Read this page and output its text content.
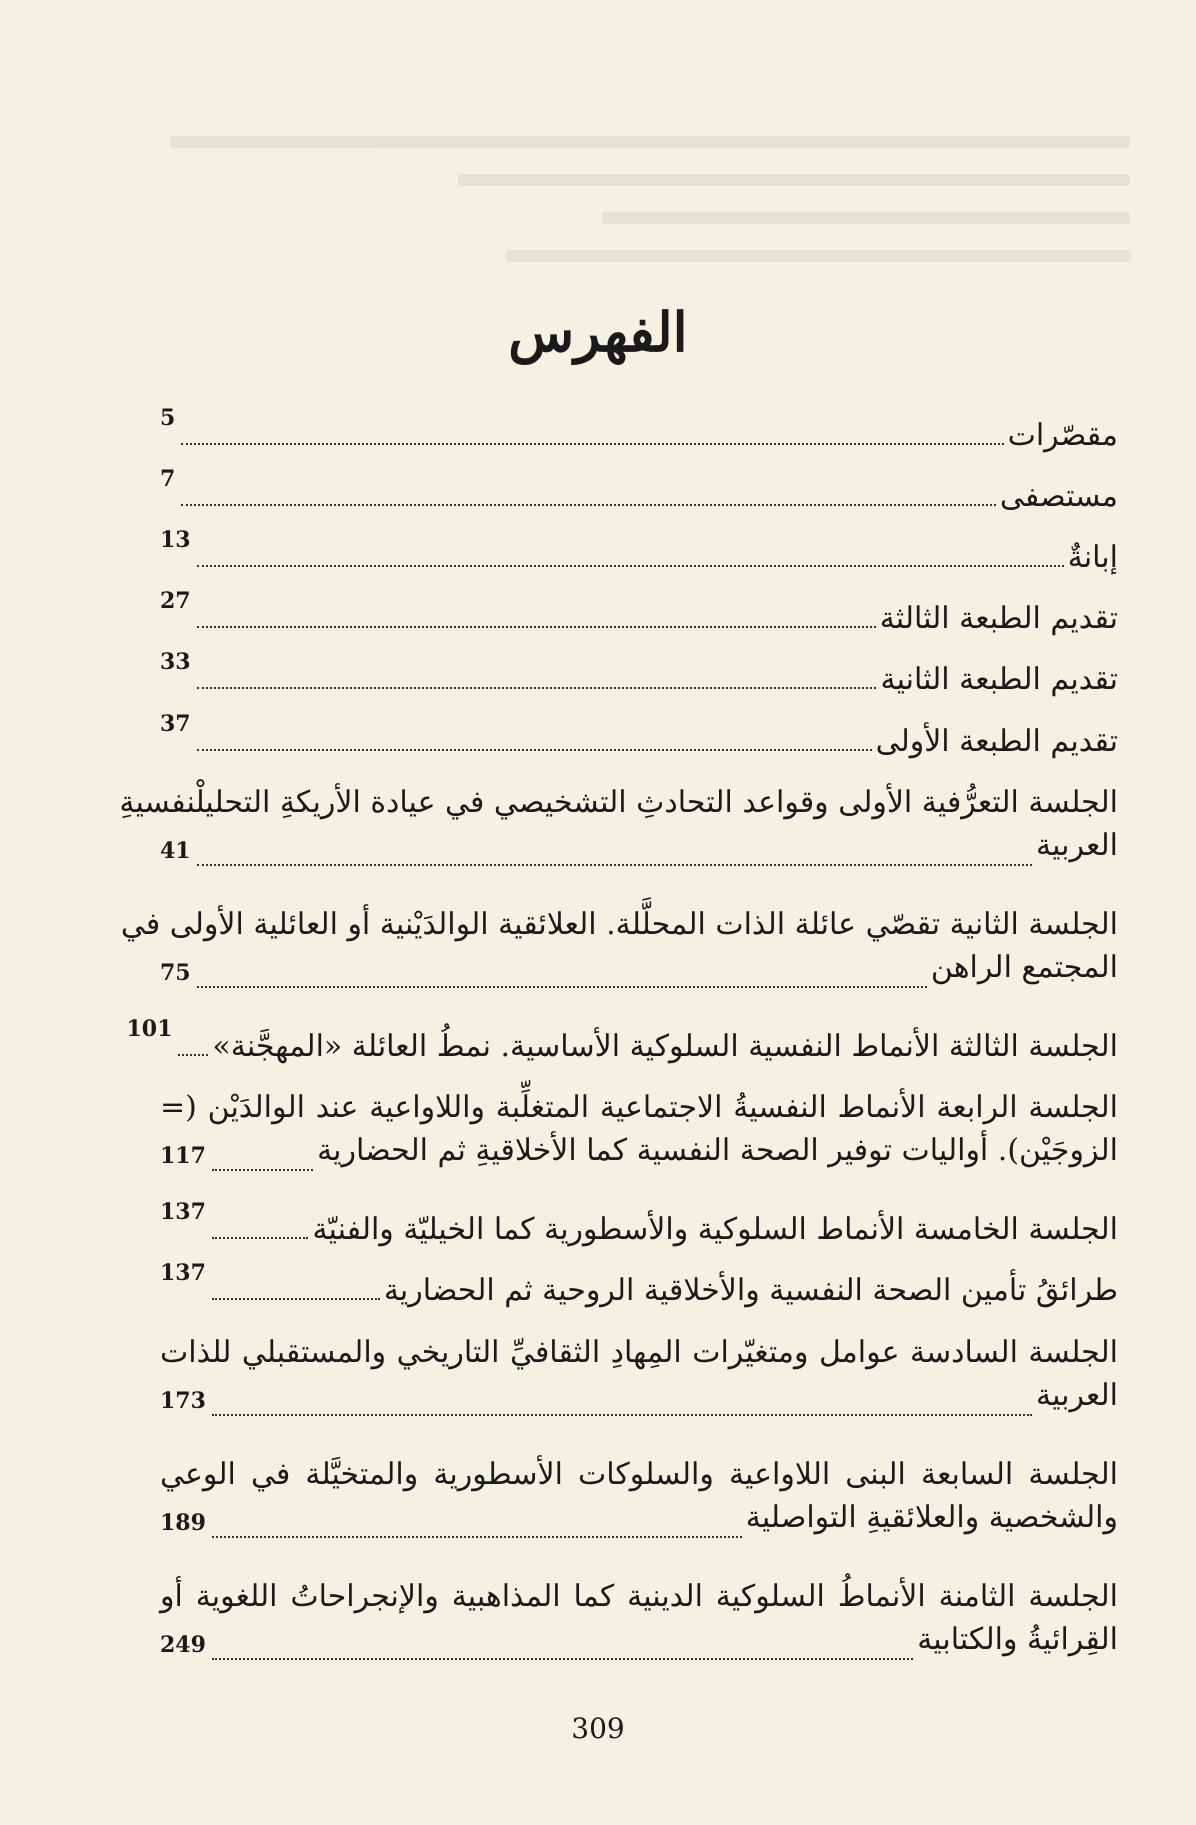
الفهرس
مقصّرات
5
مستصفى
7
إبانةٌ
13
تقديم الطبعة الثالثة
27
تقديم الطبعة الثانية
33
تقديم الطبعة الأولى
37
الجلسة التعرُّفية الأولى وقواعد التحادثِ التشخيصي في عيادة الأريكةِ التحليلْنفسيةِ
العربية
41
الجلسة الثانية تقصّي عائلة الذات المحلَّلة. العلائقية الوالدَيْنية أو العائلية الأولى في
المجتمع الراهن
75
الجلسة الثالثة الأنماط النفسية السلوكية الأساسية. نمطُ العائلة «المهجَّنة»
101
الجلسة الرابعة الأنماط النفسيةُ الاجتماعية المتغلِّبة واللاواعية عند الوالدَيْن (=
الزوجَيْن). أواليات توفير الصحة النفسية كما الأخلاقيةِ ثم الحضارية
117
الجلسة الخامسة الأنماط السلوكية والأسطورية كما الخيليّة والفنيّة
137
طرائقُ تأمين الصحة النفسية والأخلاقية الروحية ثم الحضارية
137
الجلسة السادسة عوامل ومتغيّرات المِهادِ الثقافيِّ التاريخي والمستقبلي للذات
العربية
173
الجلسة السابعة البنى اللاواعية والسلوكات الأسطورية والمتخيَّلة في الوعي
والشخصية والعلائقيةِ التواصلية
189
الجلسة الثامنة الأنماطُ السلوكية الدينية كما المذاهبية والإنجراحاتُ اللغوية أو
القِرائيةُ والكتابية
249
309
